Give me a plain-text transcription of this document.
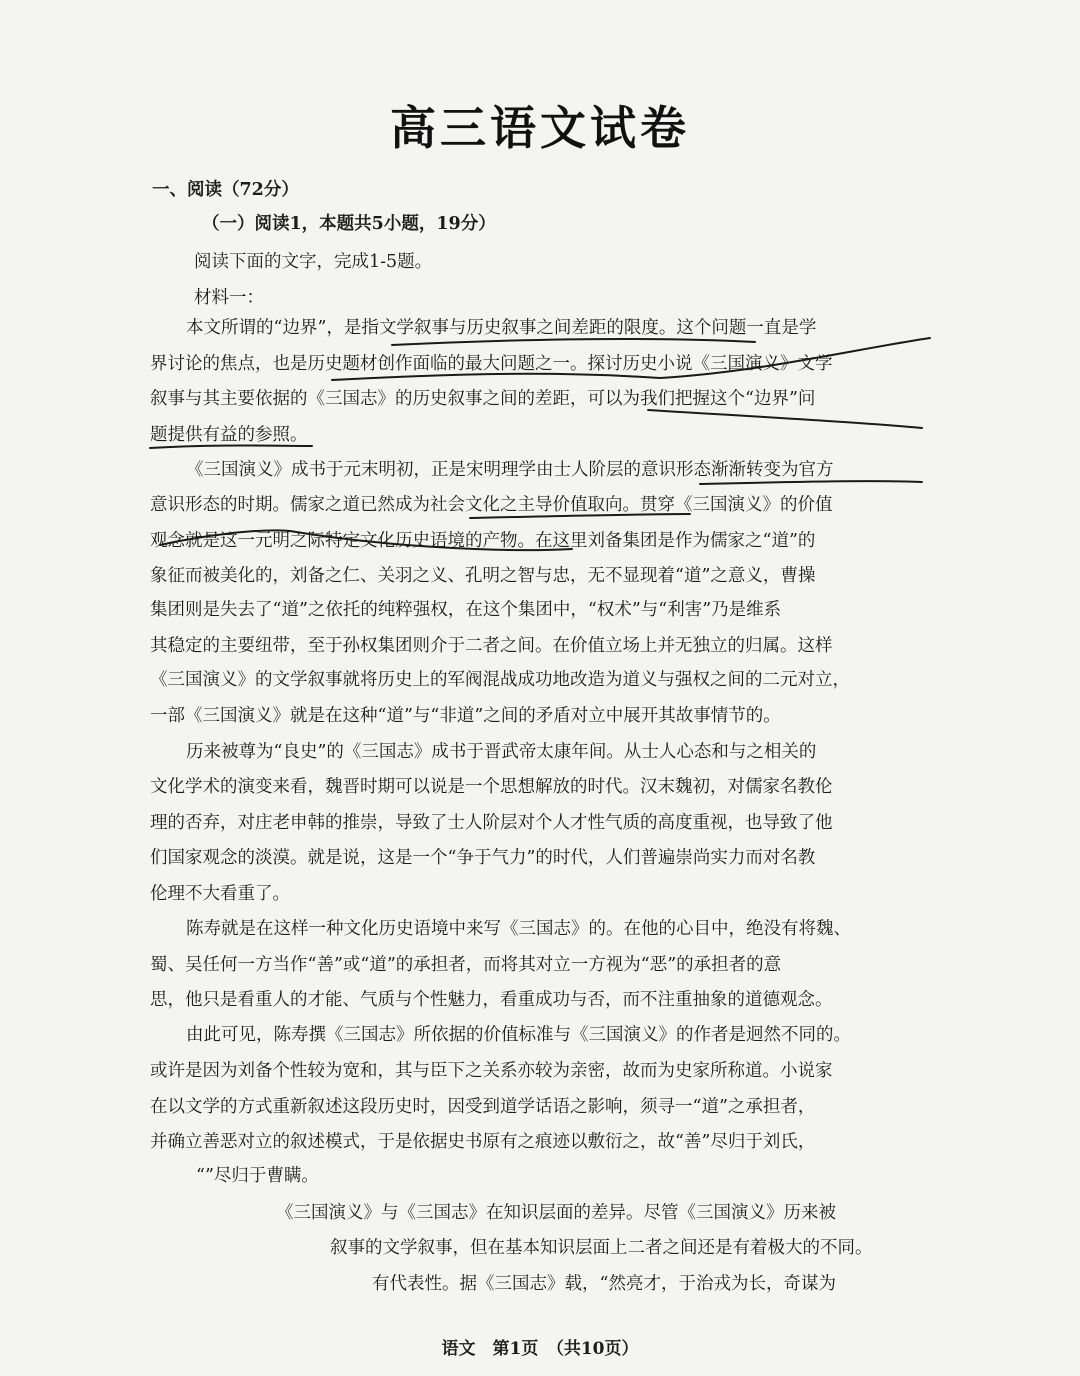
高三语文试卷
一、阅读（72分）
（一）阅读1，本题共5小题，19分）
阅读下面的文字，完成1-5题。
材料一：
本文所谓的“边界”，是指文学叙事与历史叙事之间差距的限度。这个问题一直是学
界讨论的焦点，也是历史题材创作面临的最大问题之一。探讨历史小说《三国演义》文学
叙事与其主要依据的《三国志》的历史叙事之间的差距，可以为我们把握这个“边界”问
题提供有益的参照。
《三国演义》成书于元末明初，正是宋明理学由士人阶层的意识形态渐渐转变为官方
意识形态的时期。儒家之道已然成为社会文化之主导价值取向。贯穿《三国演义》的价值
观念就是这一元明之际特定文化历史语境的产物。在这里刘备集团是作为儒家之“道”的
象征而被美化的，刘备之仁、关羽之义、孔明之智与忠，无不显现着“道”之意义，曹操
集团则是失去了“道”之依托的纯粹强权，在这个集团中，“权术”与“利害”乃是维系
其稳定的主要纽带，至于孙权集团则介于二者之间。在价值立场上并无独立的归属。这样
《三国演义》的文学叙事就将历史上的军阀混战成功地改造为道义与强权之间的二元对立，
一部《三国演义》就是在这种“道”与“非道”之间的矛盾对立中展开其故事情节的。
历来被尊为“良史”的《三国志》成书于晋武帝太康年间。从士人心态和与之相关的
文化学术的演变来看，魏晋时期可以说是一个思想解放的时代。汉末魏初，对儒家名教伦
理的否弃，对庄老申韩的推崇，导致了士人阶层对个人才性气质的高度重视，也导致了他
们国家观念的淡漠。就是说，这是一个“争于气力”的时代，人们普遍崇尚实力而对名教
伦理不大看重了。
陈寿就是在这样一种文化历史语境中来写《三国志》的。在他的心目中，绝没有将魏、
蜀、吴任何一方当作“善”或“道”的承担者，而将其对立一方视为“恶”的承担者的意
思，他只是看重人的才能、气质与个性魅力，看重成功与否，而不注重抽象的道德观念。
由此可见，陈寿撰《三国志》所依据的价值标准与《三国演义》的作者是迥然不同的。
或许是因为刘备个性较为宽和，其与臣下之关系亦较为亲密，故而为史家所称道。小说家
在以文学的方式重新叙述这段历史时，因受到道学话语之影响，须寻一“道”之承担者，
并确立善恶对立的叙述模式，于是依据史书原有之痕迹以敷衍之，故“善”尽归于刘氏，
“”尽归于曹瞒。
《三国演义》与《三国志》在知识层面的差异。尽管《三国演义》历来被
叙事的文学叙事，但在基本知识层面上二者之间还是有着极大的不同。
有代表性。据《三国志》载，“然亮才，于治戎为长，奇谋为
语文　第1页　（共10页）
